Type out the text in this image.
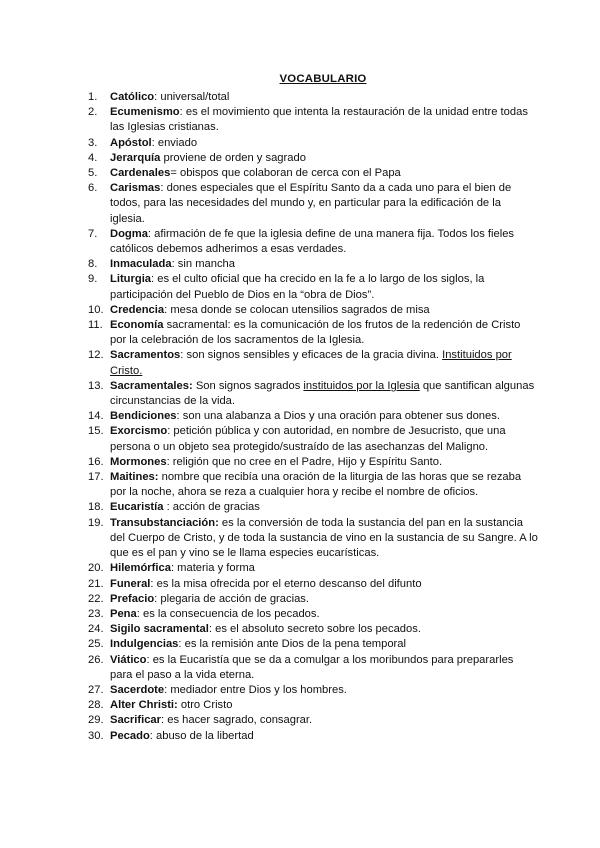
VOCABULARIO
1.	Católico: universal/total
2.	Ecumenismo: es el movimiento que intenta la restauración de la unidad entre todas las Iglesias cristianas.
3.	Apóstol: enviado
4.	Jerarquía proviene de orden y sagrado
5.	Cardenales= obispos que colaboran de cerca con el Papa
6.	Carismas: dones especiales que el Espíritu Santo da a cada uno para el bien de todos, para las necesidades del mundo y, en particular para la edificación de la iglesia.
7.	Dogma: afirmación de fe que la iglesia define de una manera fija. Todos los fieles católicos debemos adherimos a esas verdades.
8.	Inmaculada: sin mancha
9.	Liturgia: es el culto oficial que ha crecido en la fe a lo largo de los siglos, la participación del Pueblo de Dios en la “obra de Dios”.
10. Credencia: mesa donde se colocan utensilios sagrados de misa
11. Economía sacramental: es la comunicación de los frutos de la redención de Cristo por la celebración de los sacramentos de la Iglesia.
12. Sacramentos: son signos sensibles y eficaces de la gracia divina. Instituidos por Cristo.
13. Sacramentales: Son signos sagrados instituidos por la Iglesia que santifican algunas circunstancias de la vida.
14. Bendiciones: son una alabanza a Dios y una oración para obtener sus dones.
15. Exorcismo: petición pública y con autoridad, en nombre de Jesucristo, que una persona o un objeto sea protegido/sustraído de las asechanzas del Maligno.
16. Mormones: religión que no cree en el Padre, Hijo y Espíritu Santo.
17. Maitines: nombre que recibía una oración de la liturgia de las horas que se rezaba por la noche, ahora se reza a cualquier hora y recibe el nombre de oficios.
18. Eucaristía : acción de gracias
19. Transubstanciación: es la conversión de toda la sustancia del pan en la sustancia del Cuerpo de Cristo, y de toda la sustancia de vino en la sustancia de su Sangre. A lo que es el pan y vino se le llama especies eucarísticas.
20. Hilemórfica: materia y forma
21. Funeral: es la misa ofrecida por el eterno descanso del difunto
22. Prefacio: plegaria de acción de gracias.
23. Pena: es la consecuencia de los pecados.
24. Sigilo sacramental: es el absoluto secreto sobre los pecados.
25. Indulgencias: es la remisión ante Dios de la pena temporal
26. Viático: es la Eucaristía que se da a comulgar a los moribundos para prepararles para el paso a la vida eterna.
27. Sacerdote: mediador entre Dios y los hombres.
28. Alter Christi: otro Cristo
29. Sacrificar: es hacer sagrado, consagrar.
30. Pecado: abuso de la libertad
